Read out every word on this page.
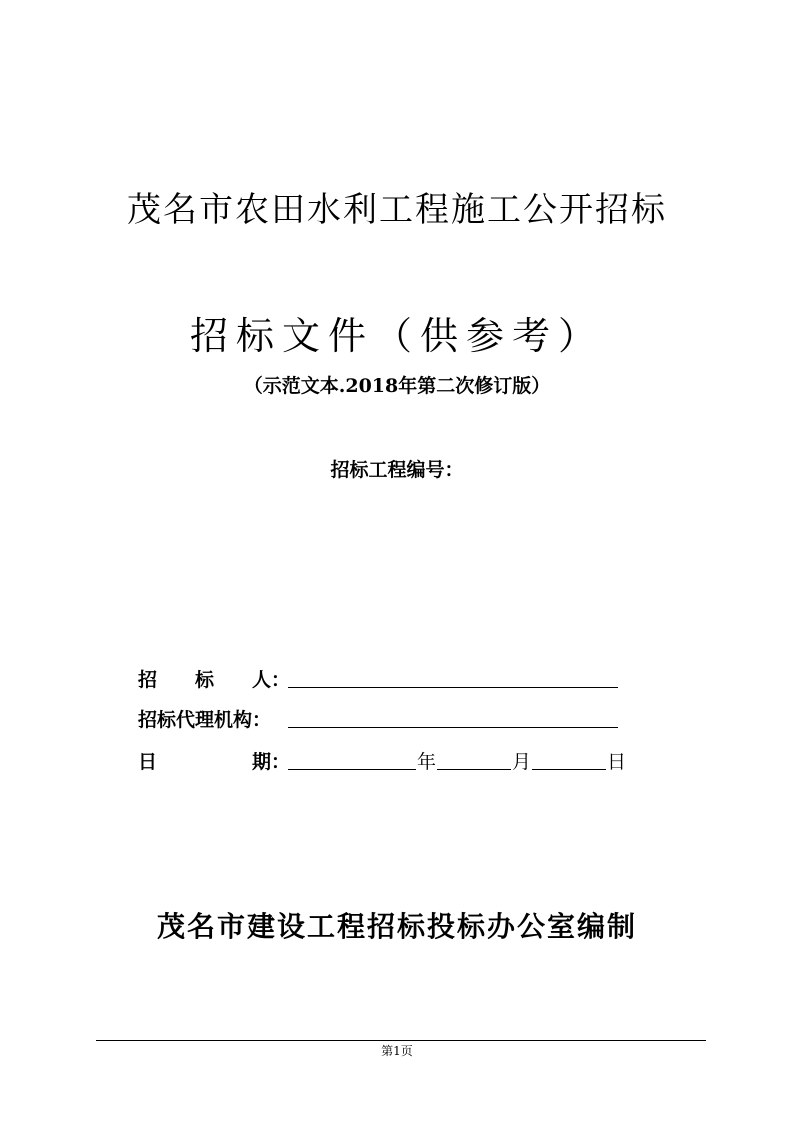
茂名市农田水利工程施工公开招标
招标文件（供参考）
（示范文本.2018年第二次修订版）
招标工程编号：
招　　标　　人：
招标代理机构：
日　　　　　期：	年	月	日
茂名市建设工程招标投标办公室编制
第1页
